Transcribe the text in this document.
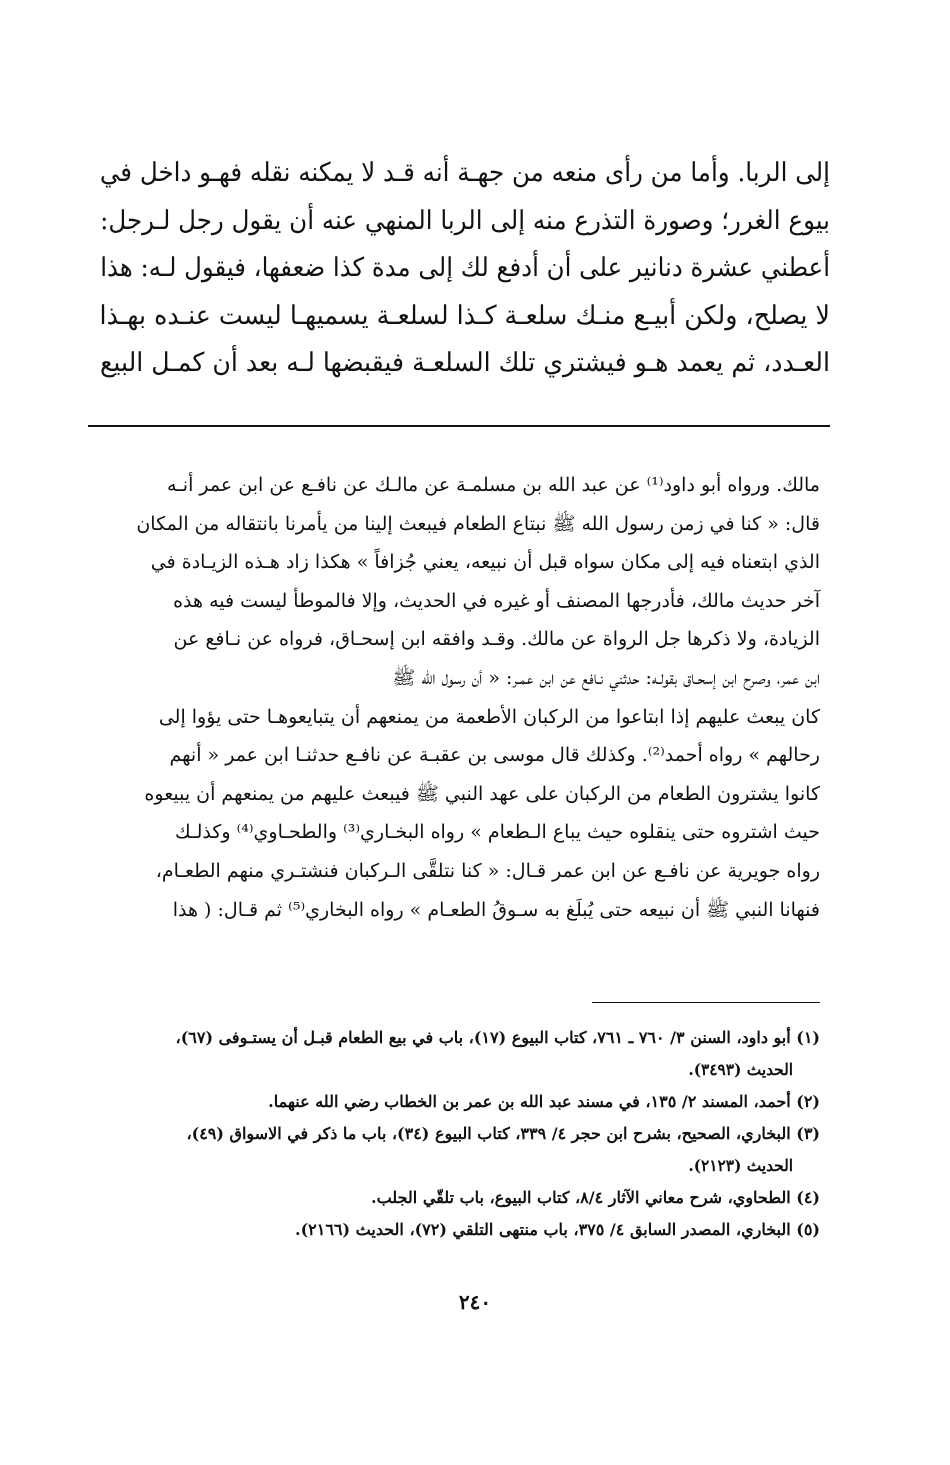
إلى الربا. وأما من رأى منعه من جهـة أنه قـد لا يمكنه نقله فهـو داخل في
بيوع الغرر؛ وصورة التذرع منه إلى الربا المنهي عنه أن يقول رجل لـرجل:
أعطني عشرة دنانير على أن أدفع لك إلى مدة كذا ضعفها، فيقول لـه: هذا
لا يصلح، ولكن أبيـع منـك سلعـة كـذا لسلعـة يسميهـا ليست عنـده بهـذا
العـدد، ثم يعمد هـو فيشتري تلك السلعـة فيقبضها لـه بعد أن كمـل البيع
مالك. ورواه أبو داود⁽¹⁾ عن عبد الله بن مسلمـة عن مالـك عن نافـع عن ابن عمر أنـه
قال: « كنا في زمن رسول الله ﷺ نبتاع الطعام فيبعث إلينا من يأمرنا بانتقاله من المكان
الذي ابتعناه فيه إلى مكان سواه قبل أن نبيعه، يعني جُزافاً » هكذا زاد هـذه الزيـادة في
آخر حديث مالك، فأدرجها المصنف أو غيره في الحديث، وإلا فالموطأ ليست فيه هذه
الزيادة، ولا ذكرها جل الرواة عن مالك. وقـد وافقه ابن إسحـاق، فرواه عن نـافع عن
ابن عمر، وصرح ابن إسحـاق بقولـه: حدثني نـافع عن ابن عمـر: « أن رسول الله ﷺ
كان يبعث عليهم إذا ابتاعوا من الركبان الأطعمة من يمنعهم أن يتبايعوهـا حتى يؤوا إلى
رحالهم » رواه أحمد⁽²⁾. وكذلك قال موسى بن عقبـة عن نافـع حدثنـا ابن عمر « أنهم
كانوا يشترون الطعام من الركبان على عهد النبي ﷺ فيبعث عليهم من يمنعهم أن يبيعوه
حيث اشتروه حتى ينقلوه حيث يباع الـطعام » رواه البخـاري⁽³⁾ والطحـاوي⁽⁴⁾ وكذلـك
رواه جويرية عن نافـع عن ابن عمر قـال: « كنا نتلقَّى الـركبان فنشتـري منهم الطعـام،
فنهانا النبي ﷺ أن نبيعه حتى يُبلَغ به سـوقُ الطعـام » رواه البخاري⁽⁵⁾ ثم قـال: ( هذا
(١) أبو داود، السنن ٣/ ٧٦٠ ـ ٧٦١، كتاب البيوع (١٧)، باب في بيع الطعام قبـل أن يستـوفى (٦٧)،
الحديث (٣٤٩٣).
(٢) أحمد، المسند ٢/ ١٣٥، في مسند عبد الله بن عمر بن الخطاب رضي الله عنهما.
(٣) البخاري، الصحيح، بشرح ابن حجر ٤/ ٣٣٩، كتاب البيوع (٣٤)، باب ما ذكر في الاسواق (٤٩)،
الحديث (٢١٢٣).
(٤) الطحاوي، شرح معاني الآثار ٨/٤، كتاب البيوع، باب تلقّي الجلب.
(٥) البخاري، المصدر السابق ٤/ ٣٧٥، باب منتهى التلقي (٧٢)، الحديث (٢١٦٦).
٢٤٠
